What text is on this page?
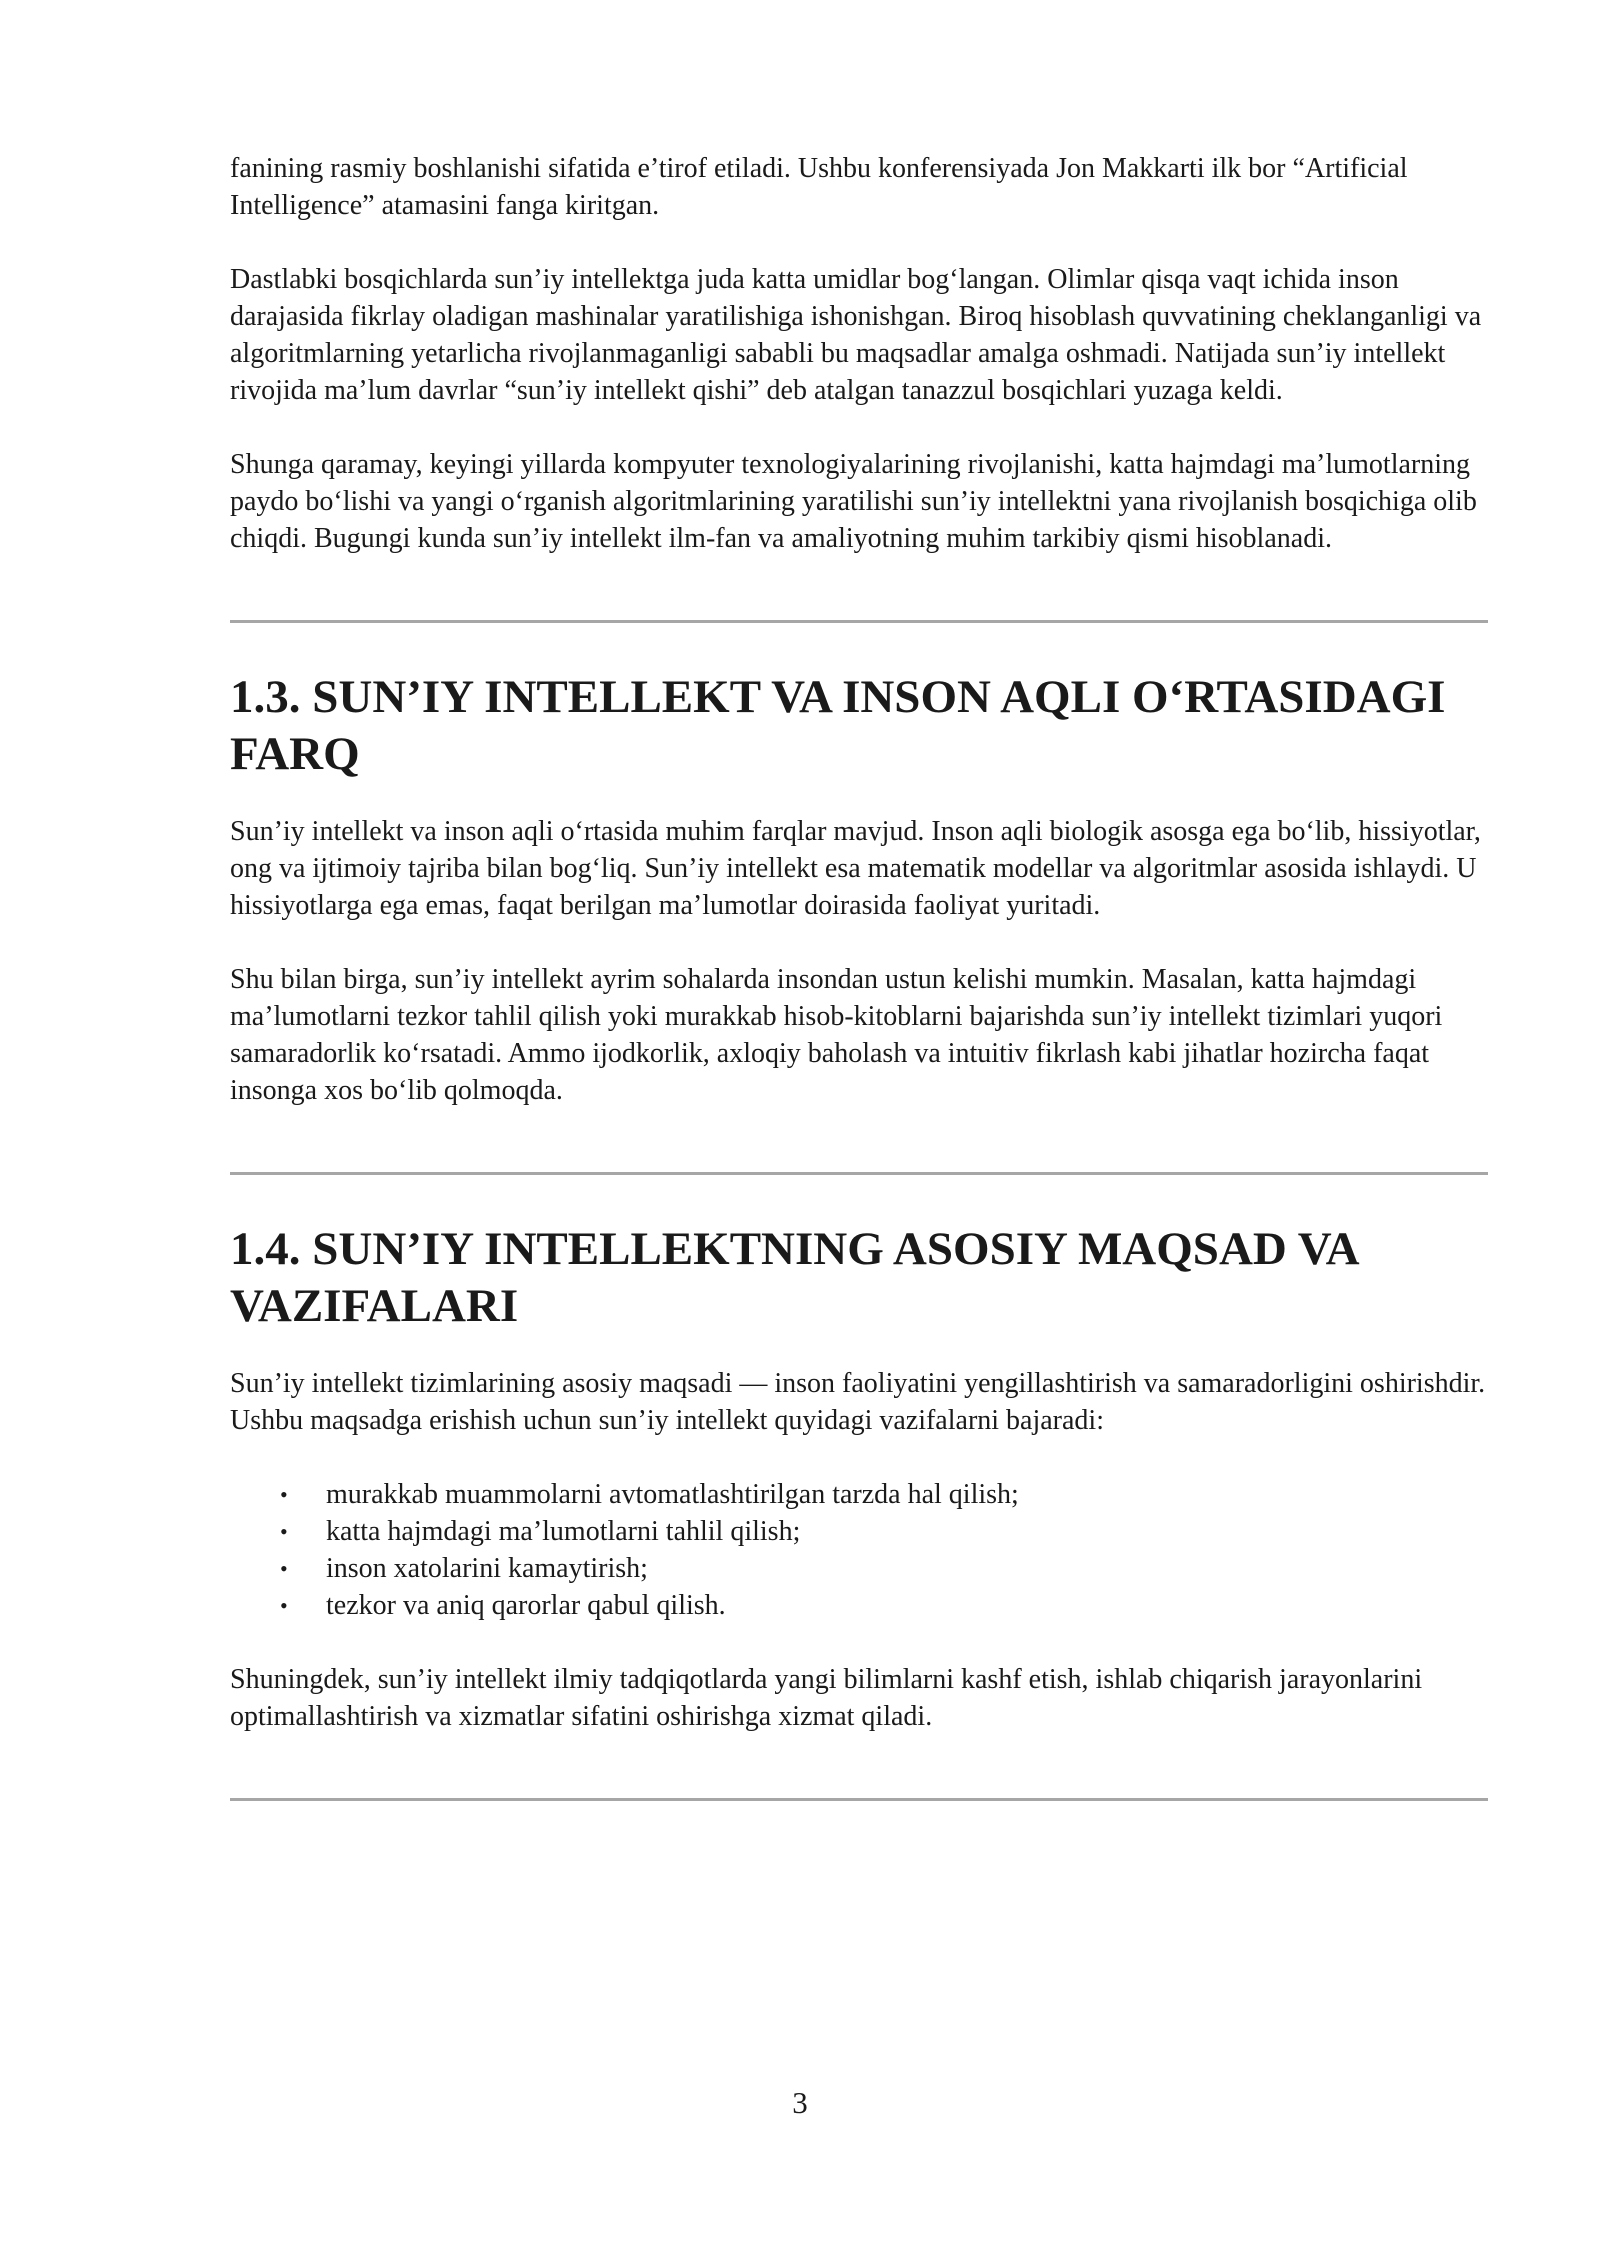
fanining rasmiy boshlanishi sifatida e’tirof etiladi. Ushbu konferensiyada Jon Makkarti ilk bor “Artificial Intelligence” atamasini fanga kiritgan.

Dastlabki bosqichlarda sun’iy intellektga juda katta umidlar bog‘langan. Olimlar qisqa vaqt ichida inson darajasida fikrlay oladigan mashinalar yaratilishiga ishonishgan. Biroq hisoblash quvvatining cheklanganligi va algoritmlarning yetarlicha rivojlanmaganligi sababli bu maqsadlar amalga oshmadi. Natijada sun’iy intellekt rivojida ma’lum davrlar “sun’iy intellekt qishi” deb atalgan tanazzul bosqichlari yuzaga keldi.

Shunga qaramay, keyingi yillarda kompyuter texnologiyalarining rivojlanishi, katta hajmdagi ma’lumotlarning paydo bo‘lishi va yangi o‘rganish algoritmlarining yaratilishi sun’iy intellektni yana rivojlanish bosqichiga olib chiqdi. Bugungi kunda sun’iy intellekt ilm-fan va amaliyotning muhim tarkibiy qismi hisoblanadi.

1.3. SUN’IY INTELLEKT VA INSON AQLI O‘RTASIDAGI FARQ

Sun’iy intellekt va inson aqli o‘rtasida muhim farqlar mavjud. Inson aqli biologik asosga ega bo‘lib, hissiyotlar, ong va ijtimoiy tajriba bilan bog‘liq. Sun’iy intellekt esa matematik modellar va algoritmlar asosida ishlaydi. U hissiyotlarga ega emas, faqat berilgan ma’lumotlar doirasida faoliyat yuritadi.

Shu bilan birga, sun’iy intellekt ayrim sohalarda insondan ustun kelishi mumkin. Masalan, katta hajmdagi ma’lumotlarni tezkor tahlil qilish yoki murakkab hisob-kitoblarni bajarishda sun’iy intellekt tizimlari yuqori samaradorlik ko‘rsatadi. Ammo ijodkorlik, axloqiy baholash va intuitiv fikrlash kabi jihatlar hozircha faqat insonga xos bo‘lib qolmoqda.

1.4. SUN’IY INTELLEKTNING ASOSIY MAQSAD VA VAZIFALARI

Sun’iy intellekt tizimlarining asosiy maqsadi — inson faoliyatini yengillashtirish va samaradorligini oshirishdir. Ushbu maqsadga erishish uchun sun’iy intellekt quyidagi vazifalarni bajaradi:

• murakkab muammolarni avtomatlashtirilgan tarzda hal qilish;
• katta hajmdagi ma’lumotlarni tahlil qilish;
• inson xatolarini kamaytirish;
• tezkor va aniq qarorlar qabul qilish.

Shuningdek, sun’iy intellekt ilmiy tadqiqotlarda yangi bilimlarni kashf etish, ishlab chiqarish jarayonlarini optimallashtirish va xizmatlar sifatini oshirishga xizmat qiladi.

3
